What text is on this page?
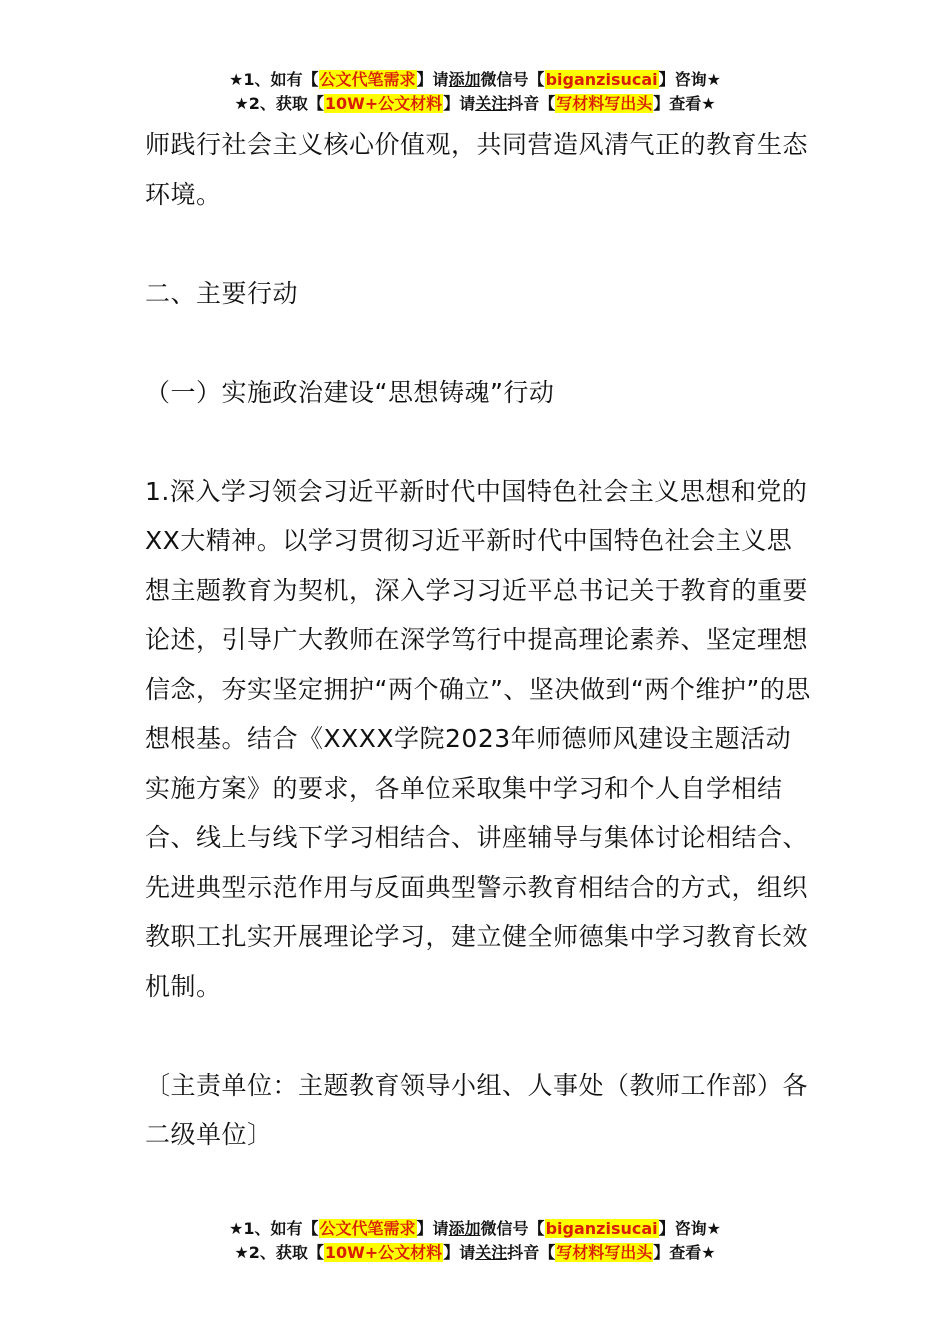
★1、如有【公文代笔需求】请添加微信号【biganzisucai】咨询★
★2、获取【10W+公文材料】请关注抖音【写材料写出头】查看★

师践行社会主义核心价值观，共同营造风清气正的教育生态环境。

二、主要行动

（一）实施政治建设“思想铸魂”行动

1.深入学习领会习近平新时代中国特色社会主义思想和党的XX大精神。以学习贯彻习近平新时代中国特色社会主义思想主题教育为契机，深入学习习近平总书记关于教育的重要论述，引导广大教师在深学笃行中提高理论素养、坚定理想信念，夯实坚定拥护“两个确立”、坚决做到“两个维护”的思想根基。结合《XXXX学院2023年师德师风建设主题活动实施方案》的要求，各单位采取集中学习和个人自学相结合、线上与线下学习相结合、讲座辅导与集体讨论相结合、先进典型示范作用与反面典型警示教育相结合的方式，组织教职工扎实开展理论学习，建立健全师德集中学习教育长效机制。

〔主责单位：主题教育领导小组、人事处（教师工作部）各二级单位〕

★1、如有【公文代笔需求】请添加微信号【biganzisucai】咨询★
★2、获取【10W+公文材料】请关注抖音【写材料写出头】查看★
